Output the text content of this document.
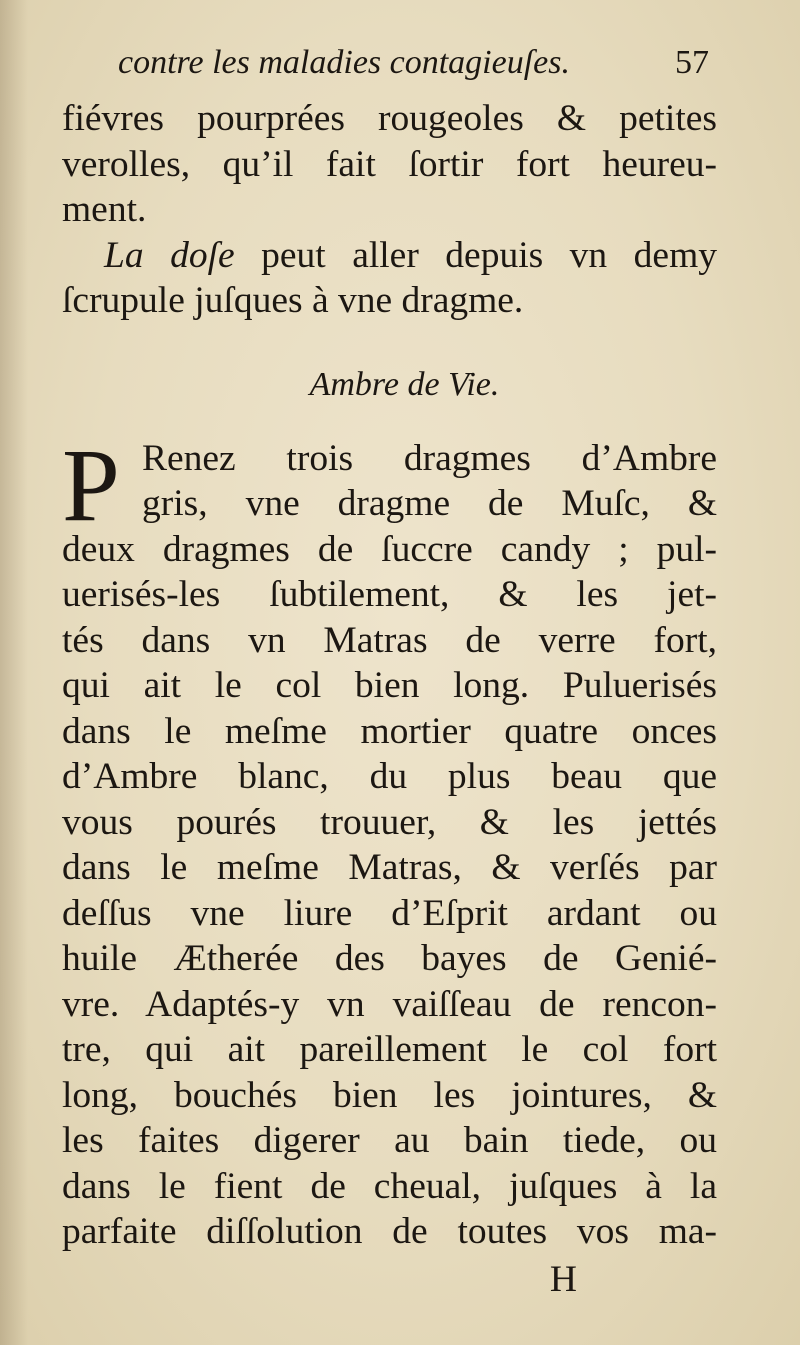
contre les maladies contagieuſes.	57
fiévres pourprées rougeoles & petites
verolles, qu’il fait ſortir fort heureu-
ment.
La doſe peut aller depuis vn demy
ſcrupule juſques à vne dragme.
Ambre de Vie.
P Renez trois dragmes d’Ambre
gris, vne dragme de Muſc, &
deux dragmes de ſuccre candy ; pul-
uerisés-les ſubtilement, & les jet-
tés dans vn Matras de verre fort,
qui ait le col bien long. Puluerisés
dans le meſme mortier quatre onces
d’Ambre blanc, du plus beau que
vous pourés trouuer, & les jettés
dans le meſme Matras, & verſés par
deſſus vne liure d’Eſprit ardant ou
huile Ætherée des bayes de Genié-
vre. Adaptés-y vn vaiſſeau de rencon-
tre, qui ait pareillement le col fort
long, bouchés bien les jointures, &
les faites digerer au bain tiede, ou
dans le fient de cheual, juſques à la
parfaite diſſolution de toutes vos ma-
H
